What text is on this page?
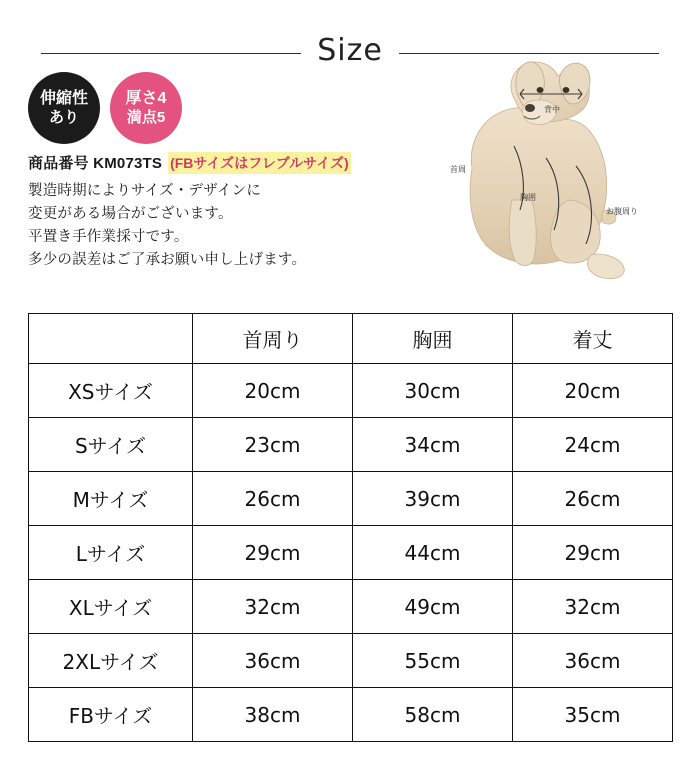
Size
伸縮性
あり
厚さ4
満点5
商品番号 KM073TS (FBサイズはフレブルサイズ)
製造時期によりサイズ・デザインに
変更がある場合がございます。
平置き手作業採寸です。
多少の誤差はご了承お願い申し上げます。
背中
首周
胸囲
お腹周り
	首周り	胸囲	着丈
XSサイズ	20cm	30cm	20cm
Sサイズ	23cm	34cm	24cm
Mサイズ	26cm	39cm	26cm
Lサイズ	29cm	44cm	29cm
XLサイズ	32cm	49cm	32cm
2XLサイズ	36cm	55cm	36cm
FBサイズ	38cm	58cm	35cm
